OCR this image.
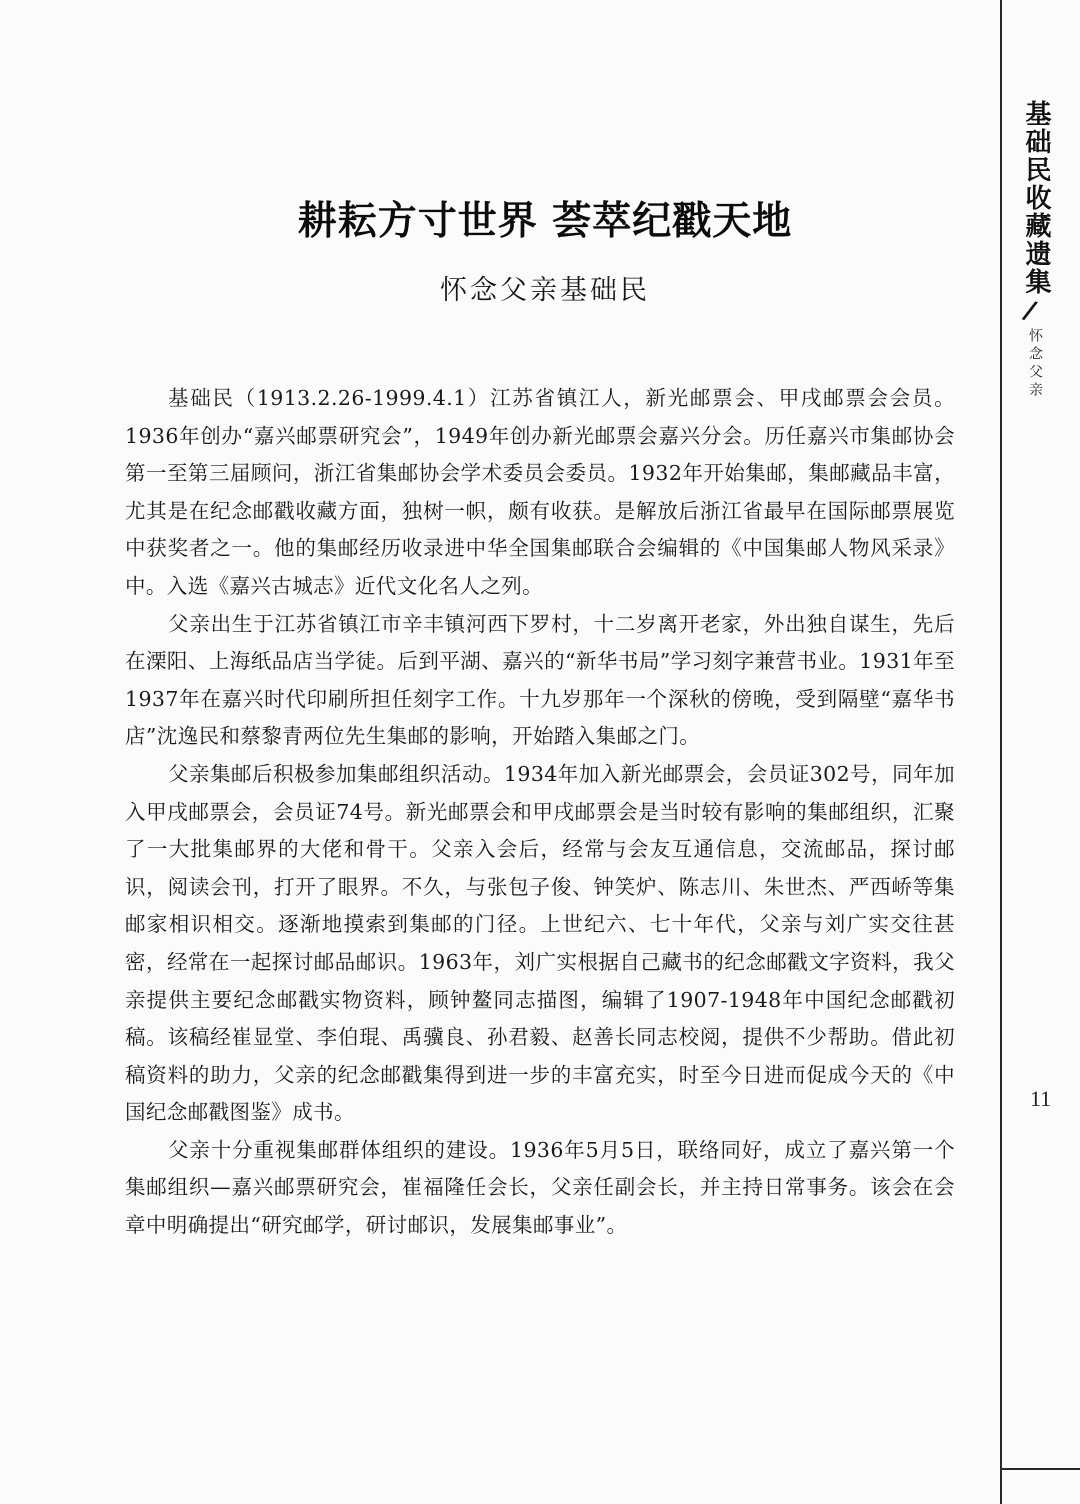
基础民收藏遗集
/
怀念父亲
耕耘方寸世界 荟萃纪戳天地
怀念父亲基础民

基础民（1913.2.26-1999.4.1）江苏省镇江人，新光邮票会、甲戌邮票会会员。1936年创办“嘉兴邮票研究会”，1949年创办新光邮票会嘉兴分会。历任嘉兴市集邮协会第一至第三届顾问，浙江省集邮协会学术委员会委员。1932年开始集邮，集邮藏品丰富，尤其是在纪念邮戳收藏方面，独树一帜，颇有收获。是解放后浙江省最早在国际邮票展览中获奖者之一。他的集邮经历收录进中华全国集邮联合会编辑的《中国集邮人物风采录》中。入选《嘉兴古城志》近代文化名人之列。

父亲出生于江苏省镇江市辛丰镇河西下罗村，十二岁离开老家，外出独自谋生，先后在溧阳、上海纸品店当学徒。后到平湖、嘉兴的“新华书局”学习刻字兼营书业。1931年至1937年在嘉兴时代印刷所担任刻字工作。十九岁那年一个深秋的傍晚，受到隔壁“嘉华书店”沈逸民和蔡黎青两位先生集邮的影响，开始踏入集邮之门。

父亲集邮后积极参加集邮组织活动。1934年加入新光邮票会，会员证302号，同年加入甲戌邮票会，会员证74号。新光邮票会和甲戌邮票会是当时较有影响的集邮组织，汇聚了一大批集邮界的大佬和骨干。父亲入会后，经常与会友互通信息，交流邮品，探讨邮识，阅读会刊，打开了眼界。不久，与张包子俊、钟笑炉、陈志川、朱世杰、严西峤等集邮家相识相交。逐渐地摸索到集邮的门径。上世纪六、七十年代，父亲与刘广实交往甚密，经常在一起探讨邮品邮识。1963年，刘广实根据自己藏书的纪念邮戳文字资料，我父亲提供主要纪念邮戳实物资料，顾钟鳌同志描图，编辑了1907-1948年中国纪念邮戳初稿。该稿经崔显堂、李伯琨、禹骥良、孙君毅、赵善长同志校阅，提供不少帮助。借此初稿资料的助力，父亲的纪念邮戳集得到进一步的丰富充实，时至今日进而促成今天的《中国纪念邮戳图鉴》成书。

父亲十分重视集邮群体组织的建设。1936年5月5日，联络同好，成立了嘉兴第一个集邮组织—嘉兴邮票研究会，崔福隆任会长，父亲任副会长，并主持日常事务。该会在会章中明确提出“研究邮学，研讨邮识，发展集邮事业”。

11
